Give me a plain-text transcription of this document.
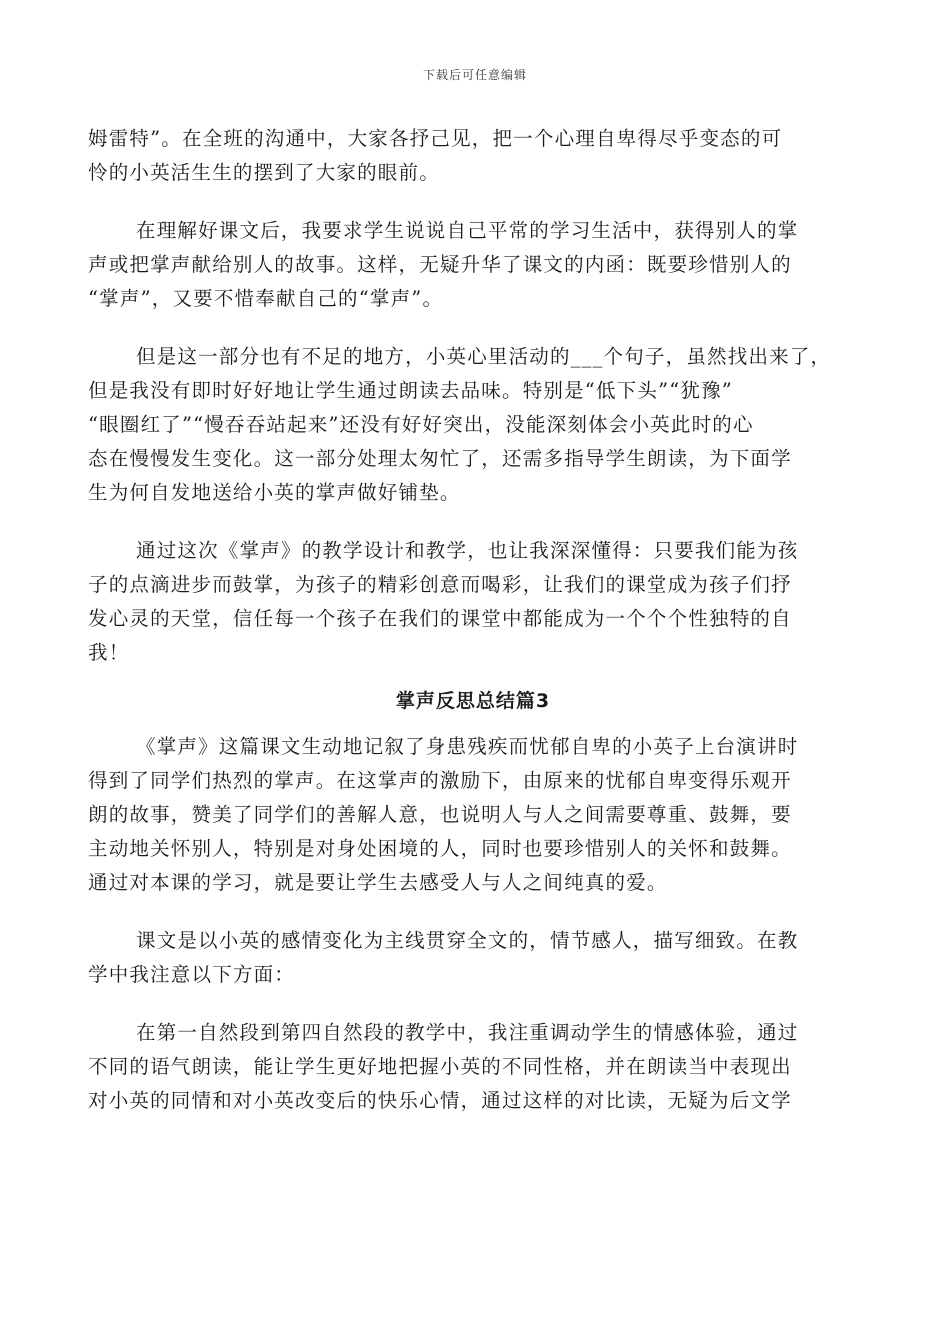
下载后可任意编辑
姆雷特”。在全班的沟通中，大家各抒己见，把一个心理自卑得尽乎变态的可
怜的小英活生生的摆到了大家的眼前。
在理解好课文后，我要求学生说说自己平常的学习生活中，获得别人的掌
声或把掌声献给别人的故事。这样，无疑升华了课文的内函：既要珍惜别人的
“掌声”，又要不惜奉献自己的“掌声”。
但是这一部分也有不足的地方，小英心里活动的___个句子，虽然找出来了，
但是我没有即时好好地让学生通过朗读去品味。特别是“低下头”“犹豫”
“眼圈红了”“慢吞吞站起来”还没有好好突出，没能深刻体会小英此时的心
态在慢慢发生变化。这一部分处理太匆忙了，还需多指导学生朗读，为下面学
生为何自发地送给小英的掌声做好铺垫。
通过这次《掌声》的教学设计和教学，也让我深深懂得：只要我们能为孩
子的点滴进步而鼓掌，为孩子的精彩创意而喝彩，让我们的课堂成为孩子们抒
发心灵的天堂，信任每一个孩子在我们的课堂中都能成为一个个个性独特的自
我！
掌声反思总结篇3
《掌声》这篇课文生动地记叙了身患残疾而忧郁自卑的小英子上台演讲时
得到了同学们热烈的掌声。在这掌声的激励下，由原来的忧郁自卑变得乐观开
朗的故事，赞美了同学们的善解人意，也说明人与人之间需要尊重、鼓舞，要
主动地关怀别人，特别是对身处困境的人，同时也要珍惜别人的关怀和鼓舞。
通过对本课的学习，就是要让学生去感受人与人之间纯真的爱。
课文是以小英的感情变化为主线贯穿全文的，情节感人，描写细致。在教
学中我注意以下方面：
在第一自然段到第四自然段的教学中，我注重调动学生的情感体验，通过
不同的语气朗读，能让学生更好地把握小英的不同性格，并在朗读当中表现出
对小英的同情和对小英改变后的快乐心情，通过这样的对比读，无疑为后文学
